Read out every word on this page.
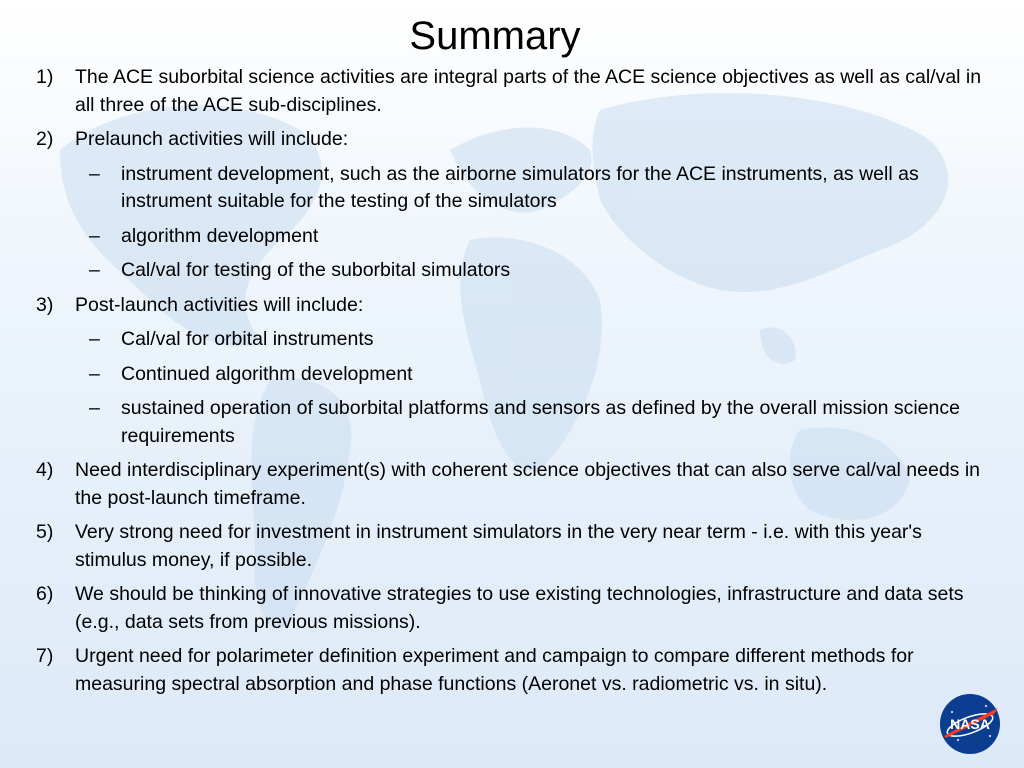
Summary
1)	The ACE suborbital science activities are integral parts of the ACE science objectives as well as cal/val in all three of the ACE sub-disciplines.
2)	Prelaunch activities will include:
–	instrument development, such as the airborne simulators for the ACE instruments, as well as instrument suitable for the testing of the simulators
–	algorithm development
–	Cal/val for testing of the suborbital simulators
3)	Post-launch activities will include:
–	Cal/val for orbital instruments
–	Continued algorithm development
–	sustained operation of suborbital platforms and sensors as defined by the overall mission science requirements
4)	Need interdisciplinary experiment(s) with coherent science objectives that can also serve cal/val needs in the post-launch timeframe.
5)	Very strong need for investment in instrument simulators in the very near term - i.e. with this year's stimulus money, if possible.
6)	We should be thinking of innovative strategies to use existing technologies, infrastructure and data sets (e.g., data sets from previous missions).
7)	Urgent need for polarimeter definition experiment and campaign to compare different methods for measuring spectral absorption and phase functions (Aeronet vs. radiometric vs. in situ).
NASA
